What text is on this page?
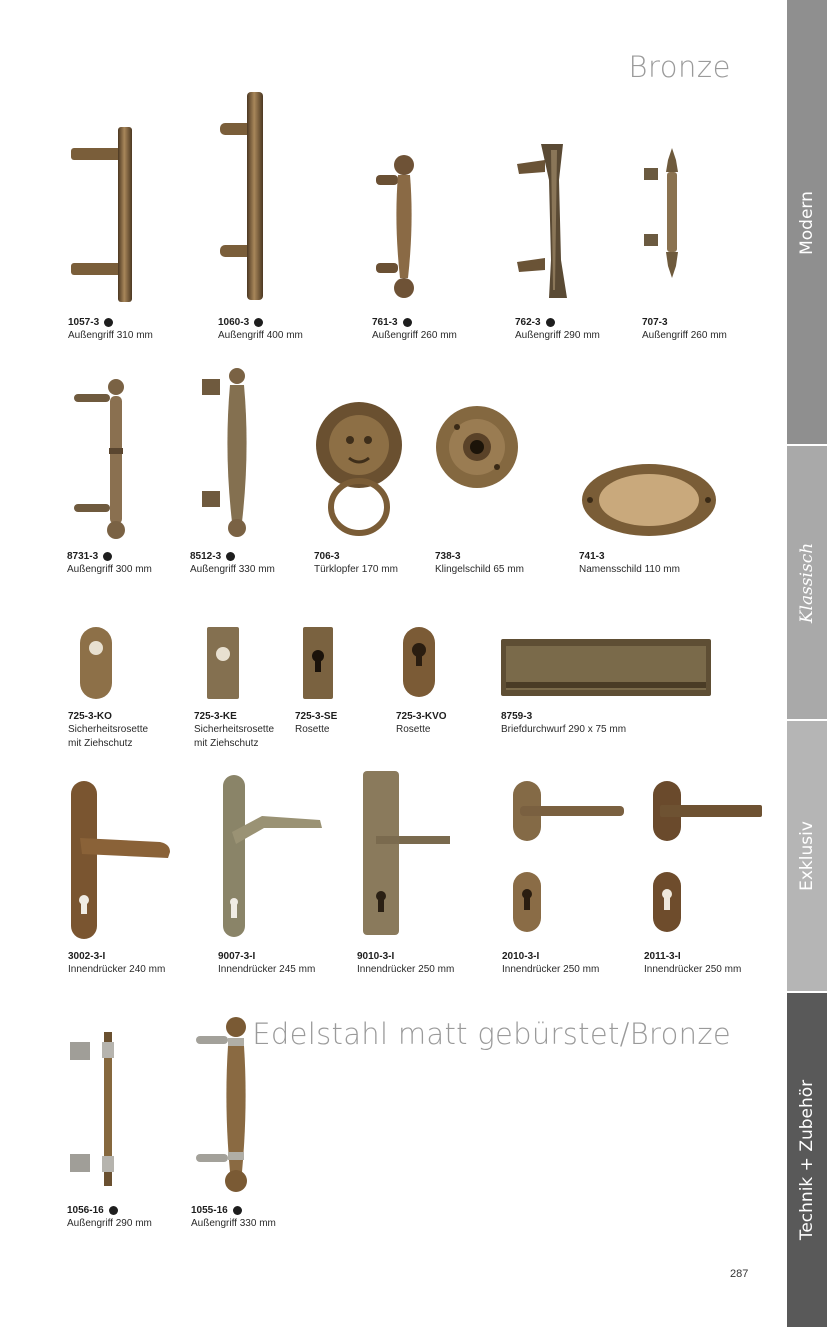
Bronze
Edelstahl matt gebürstet/Bronze
Modern
Klassisch
Exklusiv
Technik + Zubehör
1057-3
Außengriff 310 mm
1060-3
Außengriff 400 mm
761-3
Außengriff 260 mm
762-3
Außengriff 290 mm
707-3
Außengriff 260 mm
8731-3
Außengriff 300 mm
8512-3
Außengriff 330 mm
706-3
Türklopfer 170 mm
738-3
Klingelschild 65 mm
741-3
Namensschild 110 mm
725-3-KO
Sicherheitsrosette
mit Ziehschutz
725-3-KE
Sicherheitsrosette
mit Ziehschutz
725-3-SE
Rosette
725-3-KVO
Rosette
8759-3
Briefdurchwurf 290 x 75 mm
3002-3-I
Innendrücker 240 mm
9007-3-I
Innendrücker 245 mm
9010-3-I
Innendrücker 250 mm
2010-3-I
Innendrücker 250 mm
2011-3-I
Innendrücker 250 mm
1056-16
Außengriff 290 mm
1055-16
Außengriff 330 mm
287
